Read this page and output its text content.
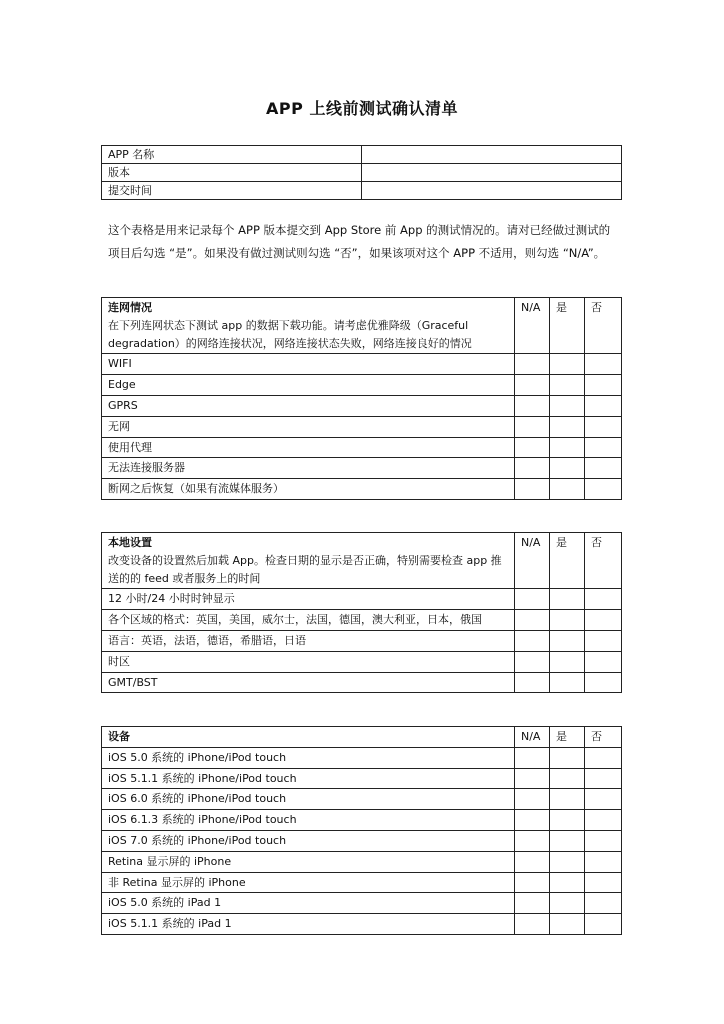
APP 上线前测试确认清单
APP 名称	
版本	
提交时间	
这个表格是用来记录每个 APP 版本提交到 App Store 前 App 的测试情况的。请对已经做过测试的项目后勾选 “是”。如果没有做过测试则勾选 “否”，如果该项对这个 APP 不适用，则勾选 “N/A”。
连网情况
在下列连网状态下测试 app 的数据下载功能。请考虑优雅降级（Graceful degradation）的网络连接状况，网络连接状态失败，网络连接良好的情况	N/A	是	否
WIFI			
Edge			
GPRS			
无网			
使用代理			
无法连接服务器			
断网之后恢复（如果有流媒体服务）			
本地设置
改变设备的设置然后加载 App。检查日期的显示是否正确，特别需要检查 app 推送的的 feed 或者服务上的时间	N/A	是	否
12 小时/24 小时时钟显示			
各个区域的格式：英国，美国，威尔士，法国，德国，澳大利亚，日本，俄国			
语言：英语，法语，德语，希腊语，日语			
时区			
GMT/BST			
设备	N/A	是	否
iOS 5.0 系统的 iPhone/iPod touch			
iOS 5.1.1 系统的 iPhone/iPod touch			
iOS 6.0 系统的 iPhone/iPod touch			
iOS 6.1.3 系统的 iPhone/iPod touch			
iOS 7.0 系统的 iPhone/iPod touch			
Retina 显示屏的 iPhone			
非 Retina 显示屏的 iPhone			
iOS 5.0 系统的 iPad 1			
iOS 5.1.1 系统的 iPad 1			
